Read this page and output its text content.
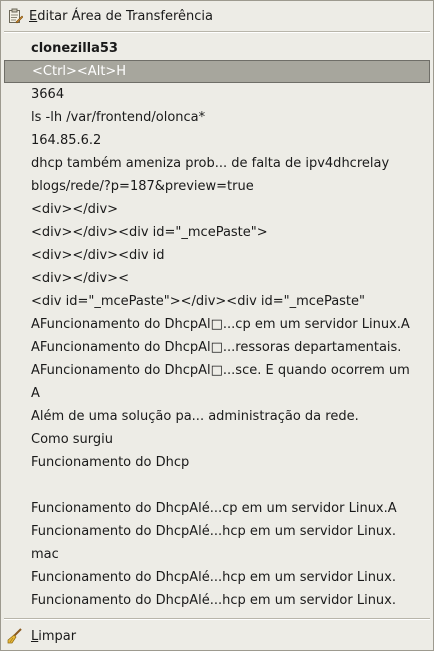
Editar Área de Transferência
clonezilla53
<Ctrl><Alt>H
3664
ls -lh /var/frontend/olonca*
164.85.6.2
dhcp também ameniza prob... de falta de ipv4dhcrelay
blogs/rede/?p=187&preview=true
<div></div>
<div></div><div id="_mcePaste">
<div></div><div id
<div></div><
<div id="_mcePaste"></div><div id="_mcePaste"
AFuncionamento do DhcpAl□...cp em um servidor Linux.A
AFuncionamento do DhcpAl□...ressoras departamentais.
AFuncionamento do DhcpAl□...sce. E quando ocorrem um
A
Além de uma solução pa... administração da rede.
Como surgiu
Funcionamento do Dhcp
Funcionamento do DhcpAlé...cp em um servidor Linux.A
Funcionamento do DhcpAlé...hcp em um servidor Linux.
mac
Funcionamento do DhcpAlé...hcp em um servidor Linux.
Funcionamento do DhcpAlé...hcp em um servidor Linux.
Limpar
